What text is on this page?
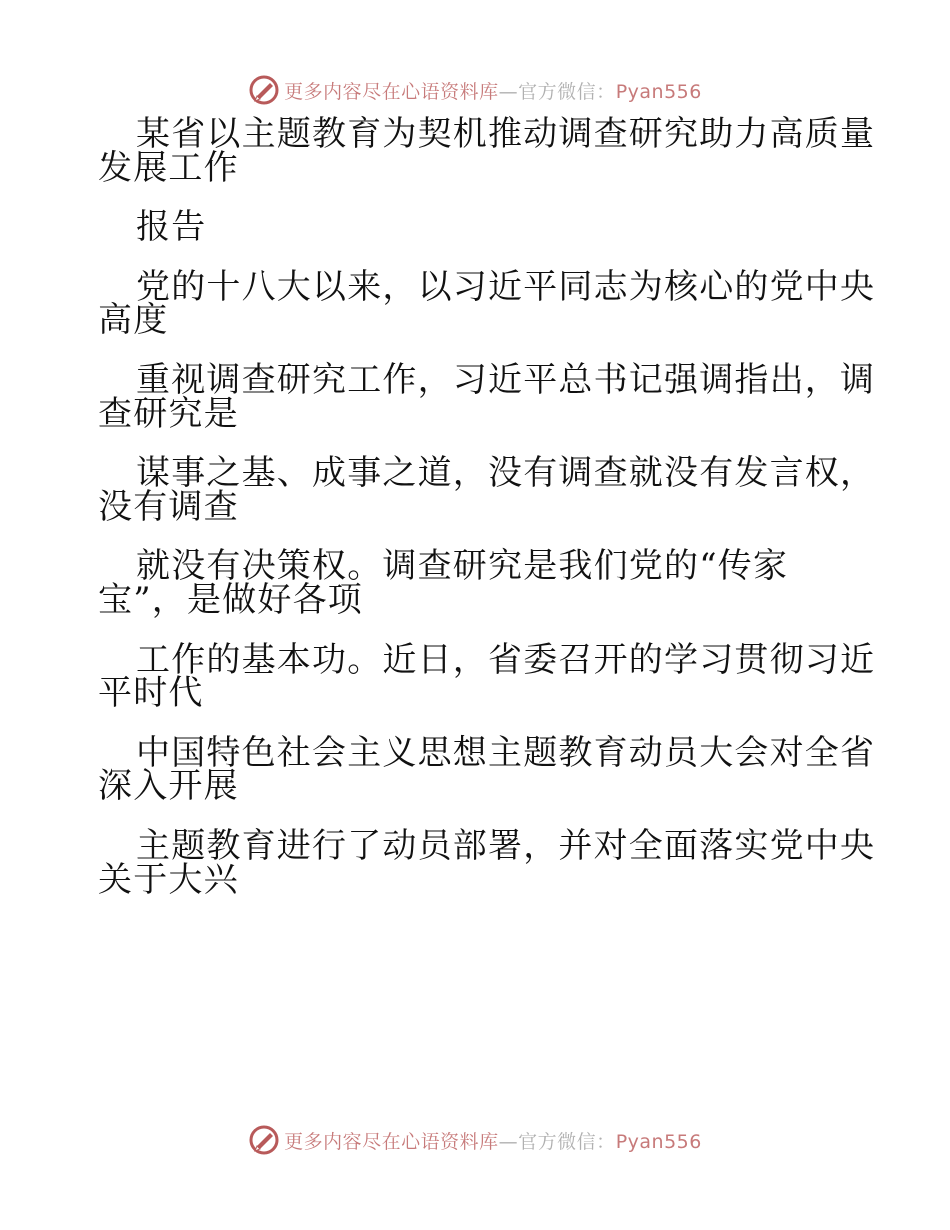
更多内容尽在心语资料库—官方微信：Pyan556
某省以主题教育为契机推动调查研究助力高质量
发展工作
报告
党的十八大以来，以习近平同志为核心的党中央
高度
重视调查研究工作，习近平总书记强调指出，调
查研究是
谋事之基、成事之道，没有调查就没有发言权，
没有调查
就没有决策权。调查研究是我们党的“传家
宝”，是做好各项
工作的基本功。近日，省委召开的学习贯彻习近
平时代
中国特色社会主义思想主题教育动员大会对全省
深入开展
主题教育进行了动员部署，并对全面落实党中央
关于大兴
更多内容尽在心语资料库—官方微信：Pyan556
